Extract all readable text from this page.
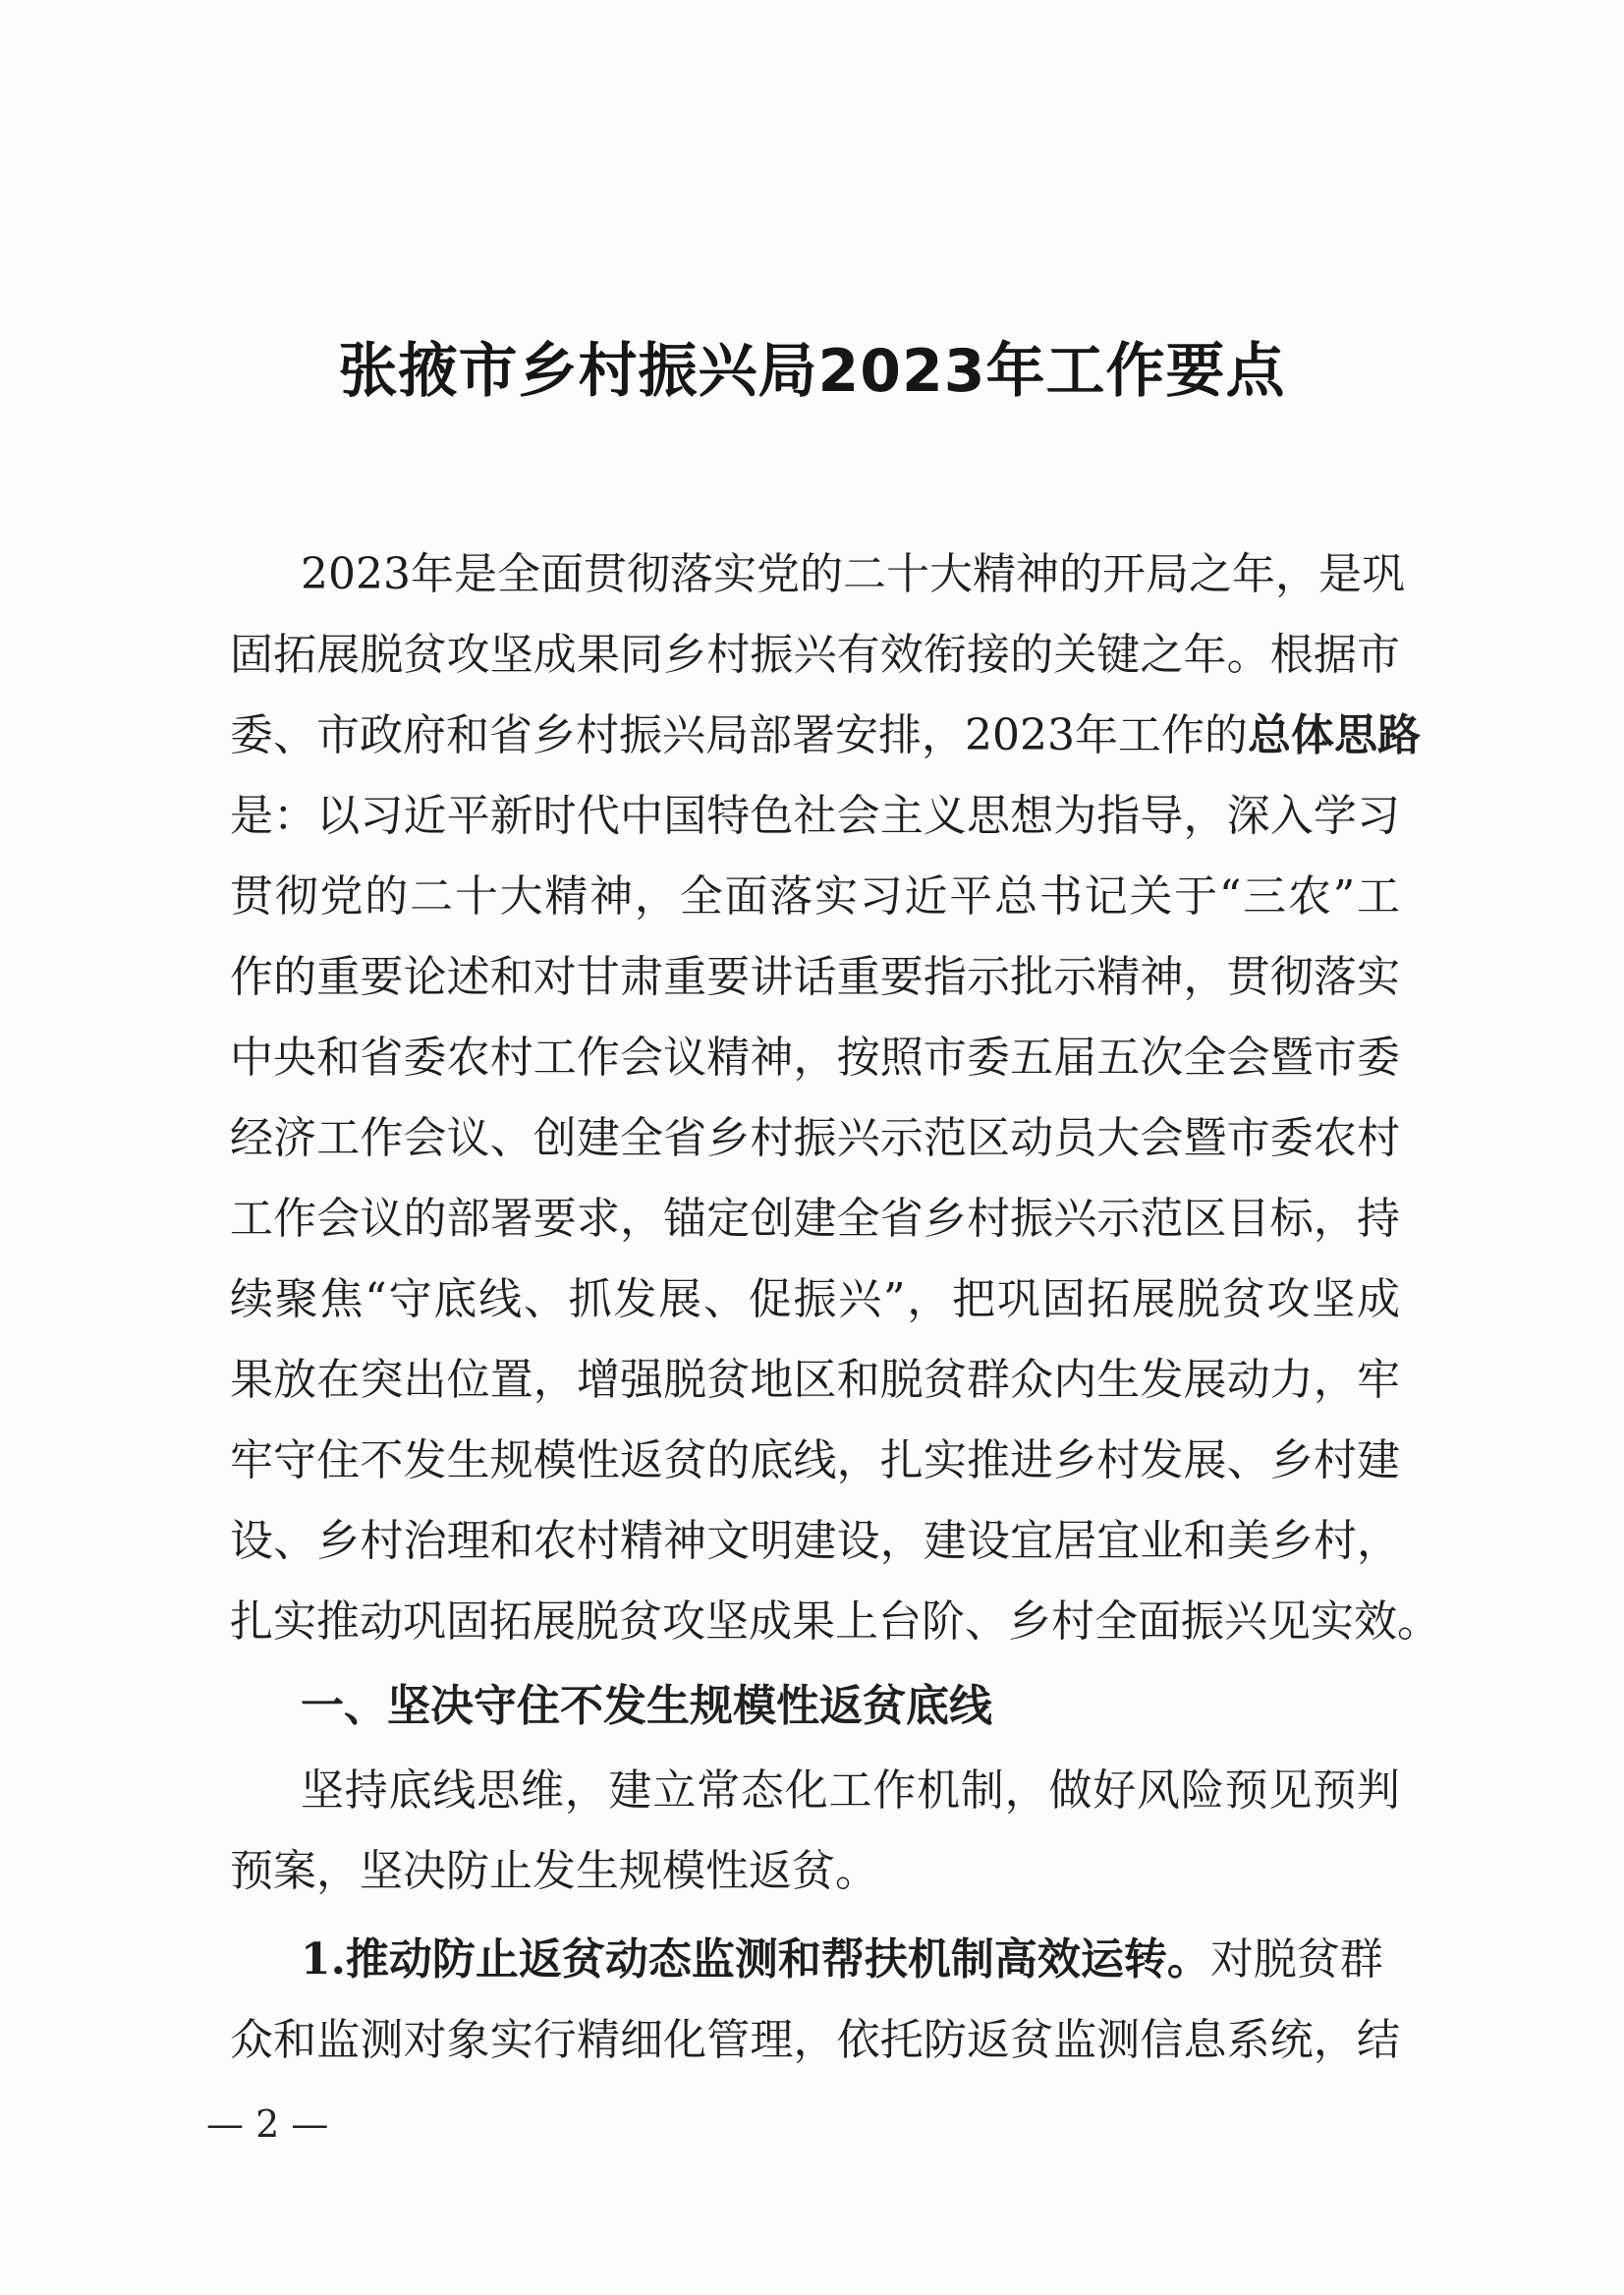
张掖市乡村振兴局2023年工作要点
2023年是全面贯彻落实党的二十大精神的开局之年，是巩
固拓展脱贫攻坚成果同乡村振兴有效衔接的关键之年。根据市
委、市政府和省乡村振兴局部署安排，2023年工作的总体思路
是：以习近平新时代中国特色社会主义思想为指导，深入学习
贯彻党的二十大精神，全面落实习近平总书记关于“三农”工
作的重要论述和对甘肃重要讲话重要指示批示精神，贯彻落实
中央和省委农村工作会议精神，按照市委五届五次全会暨市委
经济工作会议、创建全省乡村振兴示范区动员大会暨市委农村
工作会议的部署要求，锚定创建全省乡村振兴示范区目标，持
续聚焦“守底线、抓发展、促振兴”，把巩固拓展脱贫攻坚成
果放在突出位置，增强脱贫地区和脱贫群众内生发展动力，牢
牢守住不发生规模性返贫的底线，扎实推进乡村发展、乡村建
设、乡村治理和农村精神文明建设，建设宜居宜业和美乡村，
扎实推动巩固拓展脱贫攻坚成果上台阶、乡村全面振兴见实效。
一、坚决守住不发生规模性返贫底线
坚持底线思维，建立常态化工作机制，做好风险预见预判
预案，坚决防止发生规模性返贫。
1.推动防止返贫动态监测和帮扶机制高效运转。对脱贫群
众和监测对象实行精细化管理，依托防返贫监测信息系统，结
— 2 —
